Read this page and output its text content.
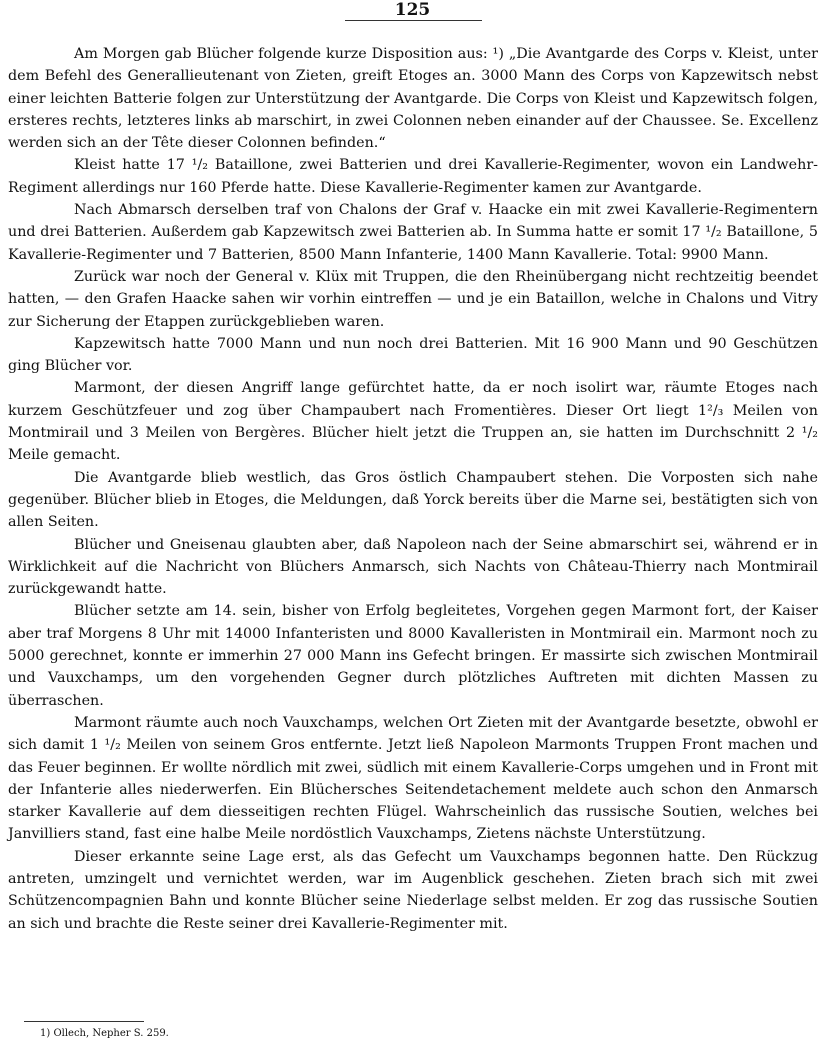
125

Am Morgen gab Blücher folgende kurze Disposition aus: ¹) „Die Avantgarde des Corps v. Kleist, unter dem Befehl des Generallieutenant von Zieten, greift Etoges an. 3000 Mann des Corps von Kapzewitsch nebst einer leichten Batterie folgen zur Unterstützung der Avantgarde. Die Corps von Kleist und Kapzewitsch folgen, ersteres rechts, letzteres links ab marschirt, in zwei Colonnen neben einander auf der Chaussee. Se. Excellenz werden sich an der Tête dieser Colonnen befinden.“

Kleist hatte 17 ¹/₂ Bataillone, zwei Batterien und drei Kavallerie-Regimenter, wovon ein Landwehr-Regiment allerdings nur 160 Pferde hatte. Diese Kavallerie-Regimenter kamen zur Avantgarde.

Nach Abmarsch derselben traf von Chalons der Graf v. Haacke ein mit zwei Kavallerie-Regimentern und drei Batterien. Außerdem gab Kapzewitsch zwei Batterien ab. In Summa hatte er somit 17 ¹/₂ Bataillone, 5 Kavallerie-Regimenter und 7 Batterien, 8500 Mann Infanterie, 1400 Mann Kavallerie. Total: 9900 Mann.

Zurück war noch der General v. Klüx mit Truppen, die den Rheinübergang nicht rechtzeitig beendet hatten, — den Grafen Haacke sahen wir vorhin eintreffen — und je ein Bataillon, welche in Chalons und Vitry zur Sicherung der Etappen zurückgeblieben waren.

Kapzewitsch hatte 7000 Mann und nun noch drei Batterien. Mit 16 900 Mann und 90 Geschützen ging Blücher vor.

Marmont, der diesen Angriff lange gefürchtet hatte, da er noch isolirt war, räumte Etoges nach kurzem Geschützfeuer und zog über Champaubert nach Fromentières. Dieser Ort liegt 1²/₃ Meilen von Montmirail und 3 Meilen von Bergères. Blücher hielt jetzt die Truppen an, sie hatten im Durchschnitt 2 ¹/₂ Meile gemacht.

Die Avantgarde blieb westlich, das Gros östlich Champaubert stehen. Die Vorposten sich nahe gegenüber. Blücher blieb in Etoges, die Meldungen, daß Yorck bereits über die Marne sei, bestätigten sich von allen Seiten.

Blücher und Gneisenau glaubten aber, daß Napoleon nach der Seine abmarschirt sei, während er in Wirklichkeit auf die Nachricht von Blüchers Anmarsch, sich Nachts von Château-Thierry nach Montmirail zurückgewandt hatte.

Blücher setzte am 14. sein, bisher von Erfolg begleitetes, Vorgehen gegen Marmont fort, der Kaiser aber traf Morgens 8 Uhr mit 14000 Infanteristen und 8000 Kavalleristen in Montmirail ein. Marmont noch zu 5000 gerechnet, konnte er immerhin 27 000 Mann ins Gefecht bringen. Er massirte sich zwischen Montmirail und Vauxchamps, um den vorgehenden Gegner durch plötzliches Auftreten mit dichten Massen zu überraschen.

Marmont räumte auch noch Vauxchamps, welchen Ort Zieten mit der Avantgarde besetzte, obwohl er sich damit 1 ¹/₂ Meilen von seinem Gros entfernte. Jetzt ließ Napoleon Marmonts Truppen Front machen und das Feuer beginnen. Er wollte nördlich mit zwei, südlich mit einem Kavallerie-Corps umgehen und in Front mit der Infanterie alles niederwerfen. Ein Blüchersches Seitendetachement meldete auch schon den Anmarsch starker Kavallerie auf dem diesseitigen rechten Flügel. Wahrscheinlich das russische Soutien, welches bei Janvilliers stand, fast eine halbe Meile nordöstlich Vauxchamps, Zietens nächste Unterstützung.

Dieser erkannte seine Lage erst, als das Gefecht um Vauxchamps begonnen hatte. Den Rückzug antreten, umzingelt und vernichtet werden, war im Augenblick geschehen. Zieten brach sich mit zwei Schützencompagnien Bahn und konnte Blücher seine Niederlage selbst melden. Er zog das russische Soutien an sich und brachte die Reste seiner drei Kavallerie-Regimenter mit.

1) Ollech, Nepher S. 259.
